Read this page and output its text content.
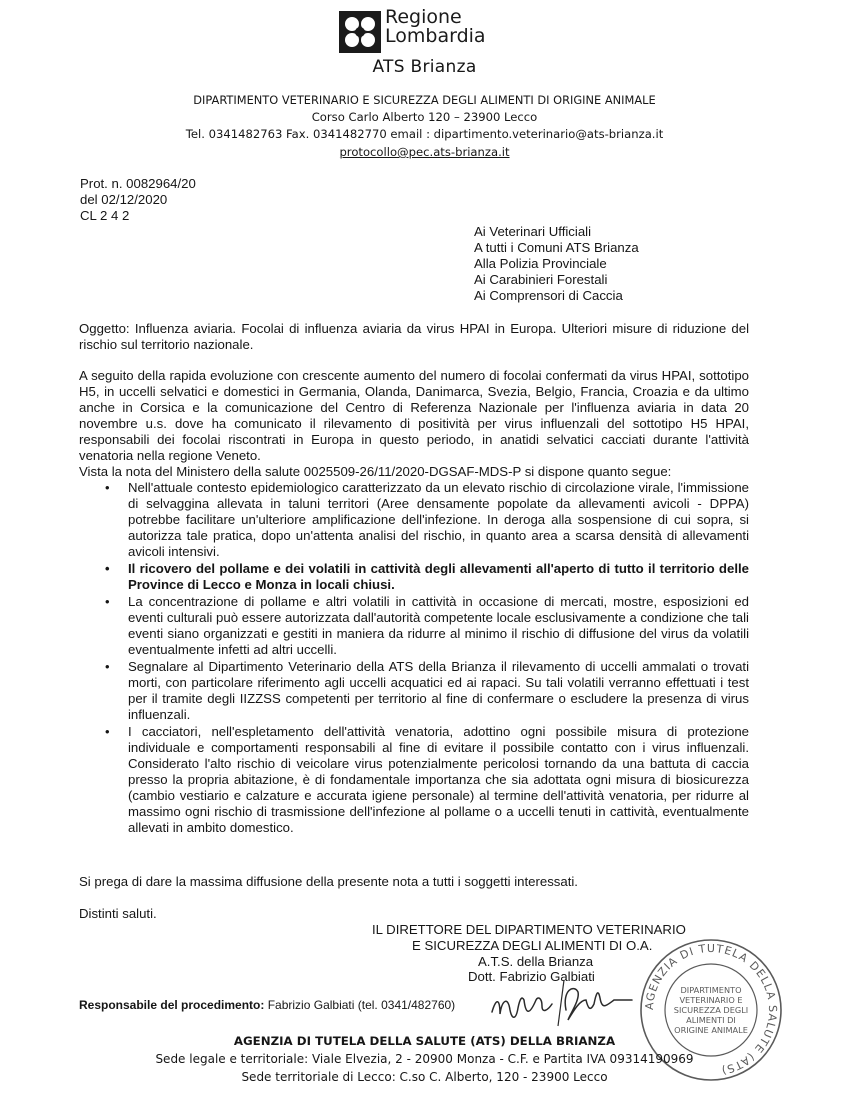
Regione
Lombardia
ATS Brianza
DIPARTIMENTO VETERINARIO E SICUREZZA DEGLI ALIMENTI DI ORIGINE ANIMALE
Corso Carlo Alberto 120 – 23900 Lecco
Tel. 0341482763 Fax. 0341482770 email : dipartimento.veterinario@ats-brianza.it
protocollo@pec.ats-brianza.it
Prot. n. 0082964/20
del 02/12/2020
CL 2 4 2
Ai Veterinari Ufficiali
A tutti i Comuni ATS Brianza
Alla Polizia Provinciale
Ai Carabinieri Forestali
Ai Comprensori di Caccia
Oggetto: Influenza aviaria. Focolai di influenza aviaria da virus HPAI in Europa. Ulteriori misure di riduzione del rischio sul territorio nazionale.
A seguito della rapida evoluzione con crescente aumento del numero di focolai confermati da virus HPAI, sottotipo H5, in uccelli selvatici e domestici in Germania, Olanda, Danimarca, Svezia, Belgio, Francia, Croazia e da ultimo anche in Corsica e la comunicazione del Centro di Referenza Nazionale per l'influenza aviaria in data 20 novembre u.s. dove ha comunicato il rilevamento di positività per virus influenzali del sottotipo H5 HPAI, responsabili dei focolai riscontrati in Europa in questo periodo, in anatidi selvatici cacciati durante l'attività venatoria nella regione Veneto.
Vista la nota del Ministero della salute 0025509-26/11/2020-DGSAF-MDS-P si dispone quanto segue:
• Nell'attuale contesto epidemiologico caratterizzato da un elevato rischio di circolazione virale, l'immissione di selvaggina allevata in taluni territori (Aree densamente popolate da allevamenti avicoli - DPPA) potrebbe facilitare un'ulteriore amplificazione dell'infezione. In deroga alla sospensione di cui sopra, si autorizza tale pratica, dopo un'attenta analisi del rischio, in quanto area a scarsa densità di allevamenti avicoli intensivi.
• Il ricovero del pollame e dei volatili in cattività degli allevamenti all'aperto di tutto il territorio delle Province di Lecco e Monza in locali chiusi.
• La concentrazione di pollame e altri volatili in cattività in occasione di mercati, mostre, esposizioni ed eventi culturali può essere autorizzata dall'autorità competente locale esclusivamente a condizione che tali eventi siano organizzati e gestiti in maniera da ridurre al minimo il rischio di diffusione del virus da volatili eventualmente infetti ad altri uccelli.
• Segnalare al Dipartimento Veterinario della ATS della Brianza il rilevamento di uccelli ammalati o trovati morti, con particolare riferimento agli uccelli acquatici ed ai rapaci. Su tali volatili verranno effettuati i test per il tramite degli IIZZSS competenti per territorio al fine di confermare o escludere la presenza di virus influenzali.
• I cacciatori, nell'espletamento dell'attività venatoria, adottino ogni possibile misura di protezione individuale e comportamenti responsabili al fine di evitare il possibile contatto con i virus influenzali. Considerato l'alto rischio di veicolare virus potenzialmente pericolosi tornando da una battuta di caccia presso la propria abitazione, è di fondamentale importanza che sia adottata ogni misura di biosicurezza (cambio vestiario e calzature e accurata igiene personale) al termine dell'attività venatoria, per ridurre al massimo ogni rischio di trasmissione dell'infezione al pollame o a uccelli tenuti in cattività, eventualmente allevati in ambito domestico.
Si prega di dare la massima diffusione della presente nota a tutti i soggetti interessati.
Distinti saluti.
IL DIRETTORE DEL DIPARTIMENTO VETERINARIO
E SICUREZZA DEGLI ALIMENTI DI O.A.
A.T.S. della Brianza
Dott. Fabrizio Galbiati
Responsabile del procedimento: Fabrizio Galbiati (tel. 0341/482760)	AGENZIA DI TUTELA DELLA SALUTE (ATS)
DIPARTIMENTO
VETERINARIO E
SICUREZZA DEGLI
ALIMENTI DI
ORIGINE ANIMALE
AGENZIA DI TUTELA DELLA SALUTE (ATS) DELLA BRIANZA
Sede legale e territoriale: Viale Elvezia, 2 - 20900 Monza - C.F. e Partita IVA 09314190969
Sede territoriale di Lecco: C.so C. Alberto, 120 - 23900 Lecco
